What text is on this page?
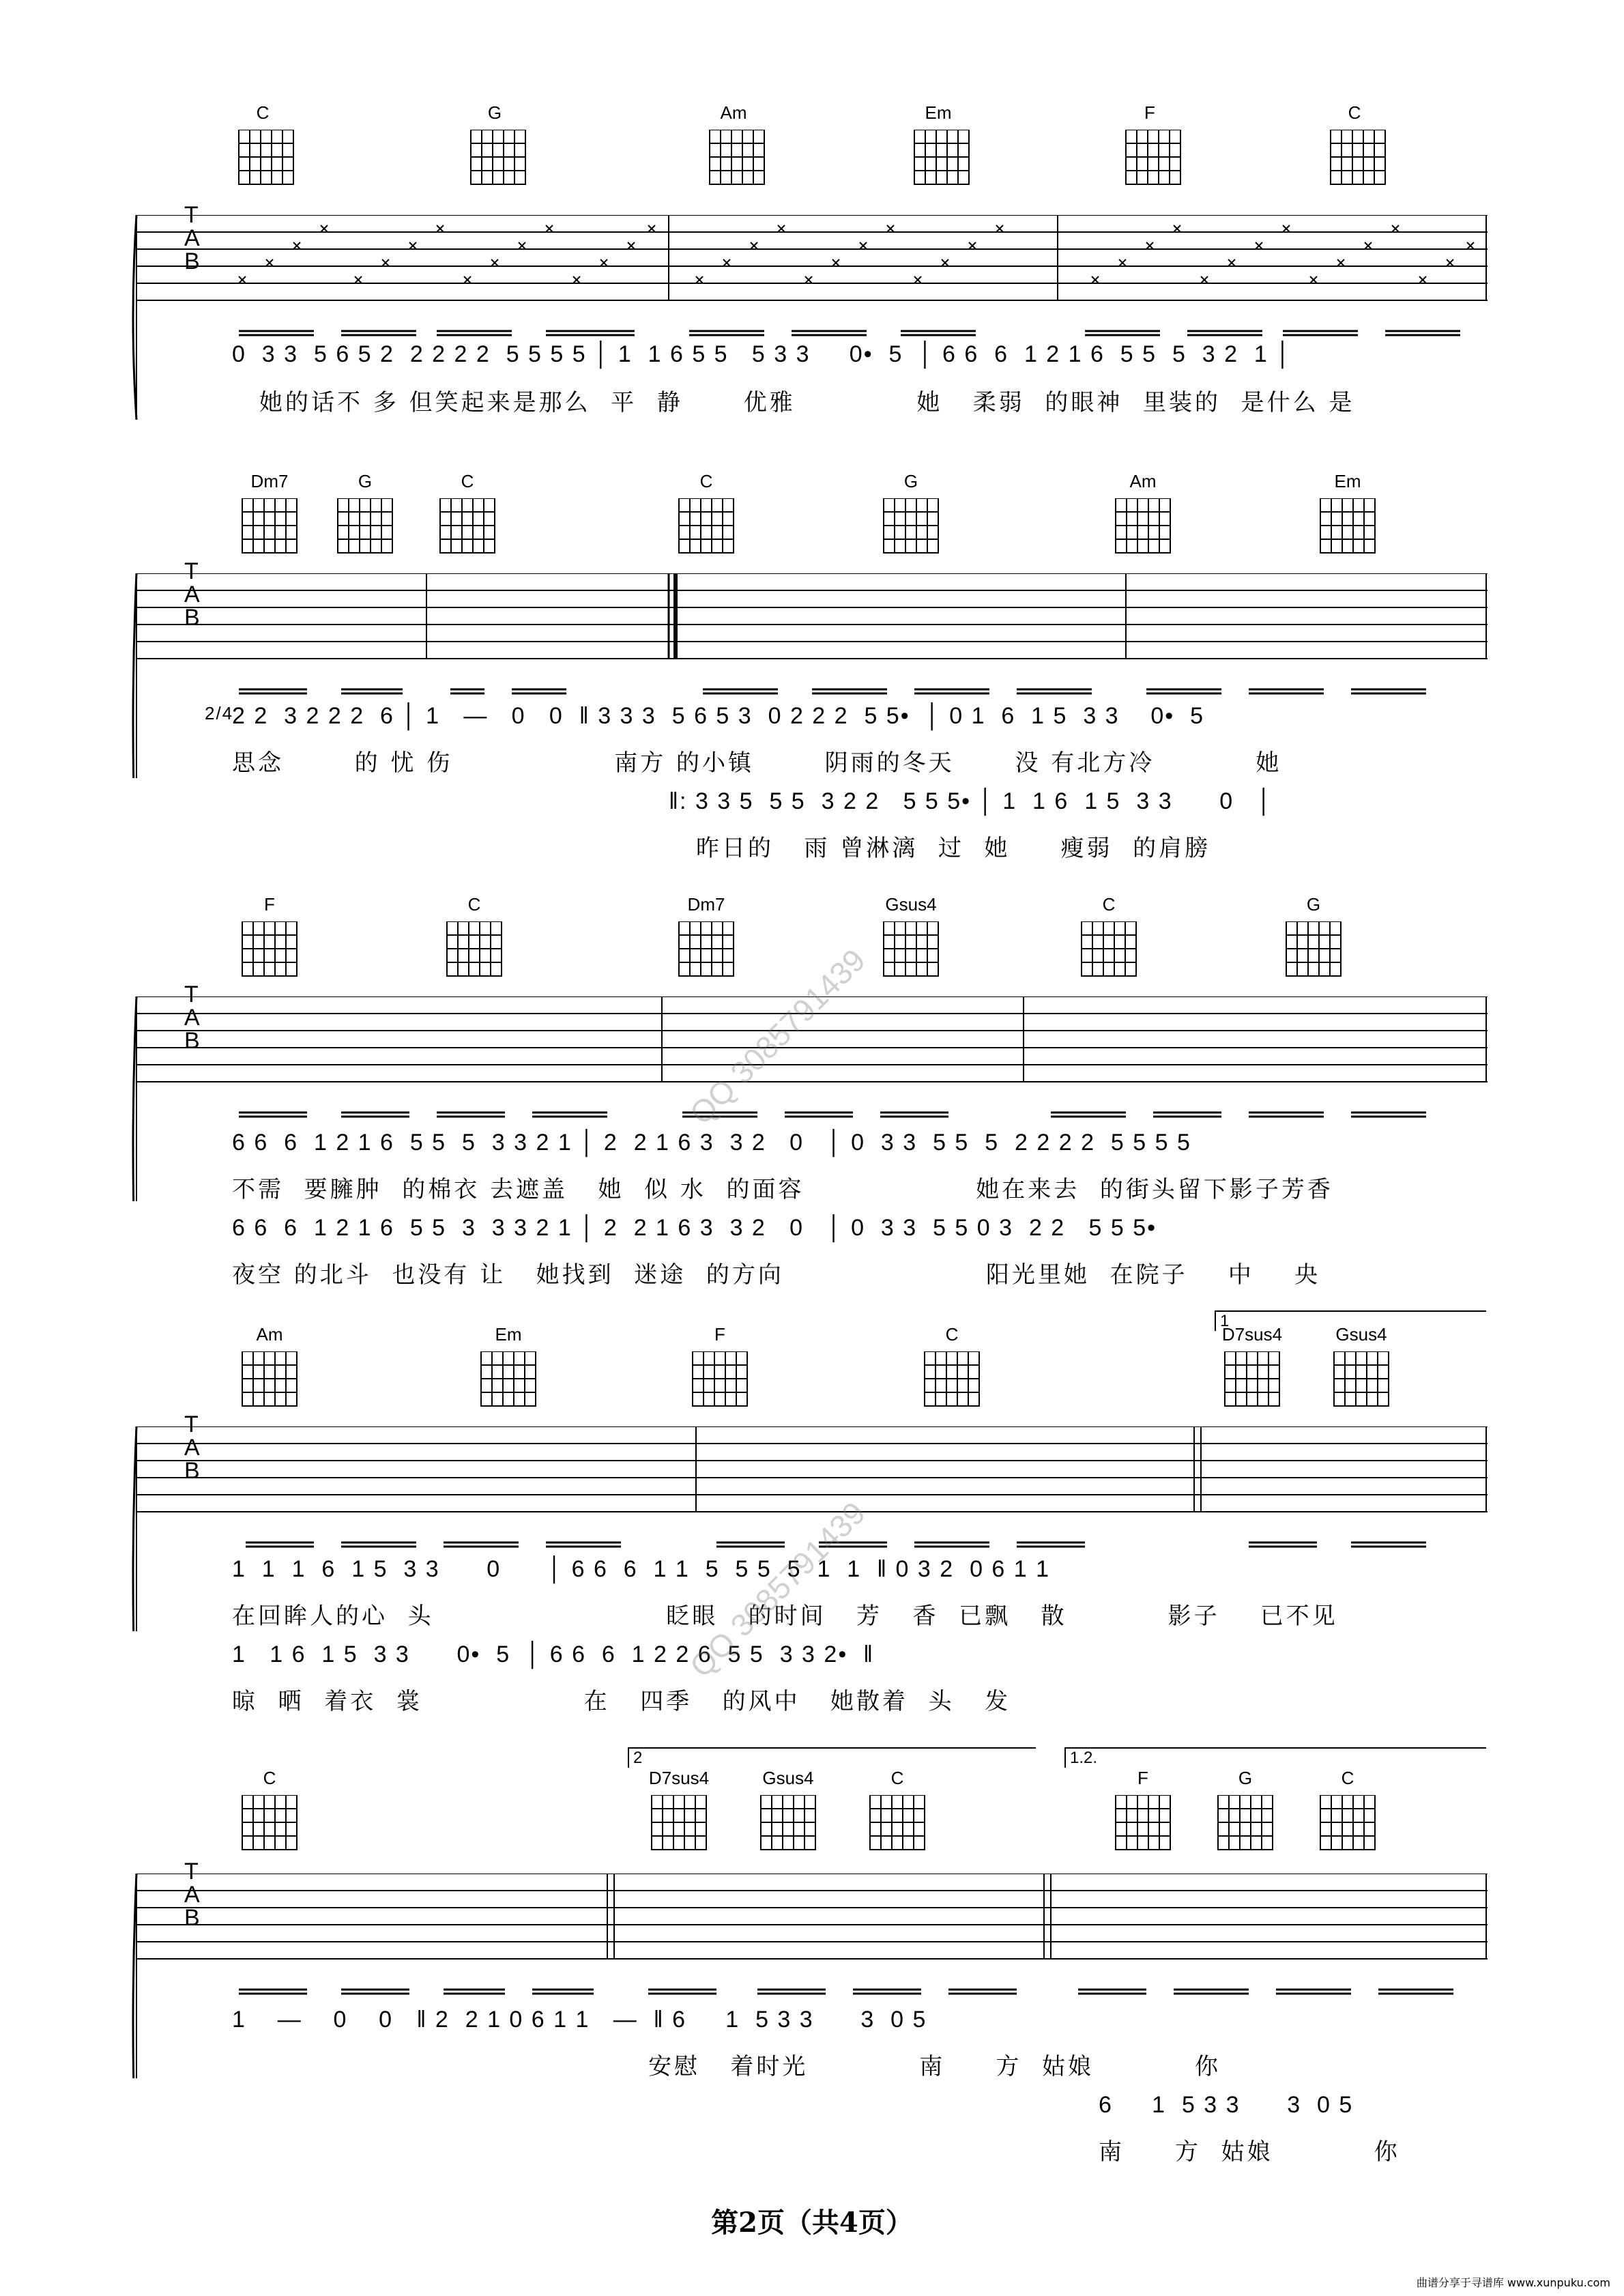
C	G	Am	Em	F	C
T
A
B
0  3 3  5 6 5 2  2 2 2 2  5 5 5 5 │ 1  1 6 5 5   5 3 3     0•  5  │ 6 6  6  1 2 1 6  5 5  5  3 2  1 │
她的话不 多 但笑起来是那么  平  静      优雅            她   柔弱  的眼神  里装的  是什么 是
Dm7	G	C	C	G	Am	Em
T
A
B
2/4
2 2  3 2 2 2  6 │ 1   —   0   0  ‖ 3 3 3  5 6 5 3  0 2 2 2  5 5•  │ 0 1  6  1 5  3 3    0•  5
思念       的 忧 伤                南方 的小镇       阴雨的冬天      没 有北方冷          她
‖: 3 3 5  5 5  3 2 2   5 5 5• │ 1  1 6  1 5  3 3      0   │
昨日的   雨 曾淋漓  过  她     瘦弱  的肩膀
F	C	Dm7	Gsus4	C	G
T
A
B
6 6  6  1 2 1 6  5 5  5  3 3 2 1 │ 2  2 1 6 3  3 2   0   │ 0  3 3  5 5  5  2 2 2 2  5 5 5 5
不需  要臃肿  的棉衣 去遮盖   她  似 水  的面容                 她在来去  的街头留下影子芳香
6 6  6  1 2 1 6  5 5  3  3 3 2 1 │ 2  2 1 6 3  3 2   0   │ 0  3 3  5 5 0 3  2 2   5 5 5•
夜空 的北斗  也没有 让   她找到  迷途  的方向                    阳光里她  在院子    中    央
1
Am	Em	F	C	D7sus4	Gsus4
T
A
B
1  1  1  6  1 5  3 3      0      │ 6 6  6  1 1  5  5 5  5  1  1  ‖ 0 3 2  0 6 1 1
在回眸人的心  头                       眨眼   的时间   芳   香  已飘   散          影子    已不见
1   1 6  1 5  3 3      0•  5  │ 6 6  6  1 2 2 6  5 5  3 3 2•  ‖
晾  晒  着衣  裳                在   四季   的风中   她散着  头   发
2	1.2.
C	D7sus4	Gsus4	C	F	G	C
T
A
B
1    —    0    0   ‖ 2  2 1 0 6 1 1   —  ‖ 6     1  5 3 3      3  0 5
安慰   着时光           南     方  姑娘          你
6     1  5 3 3      3  0 5
南     方  姑娘          你
QQ 3085791439
QQ 3085791439
第2页（共4页）
曲谱分享于寻谱库 www.xunpuku.com
